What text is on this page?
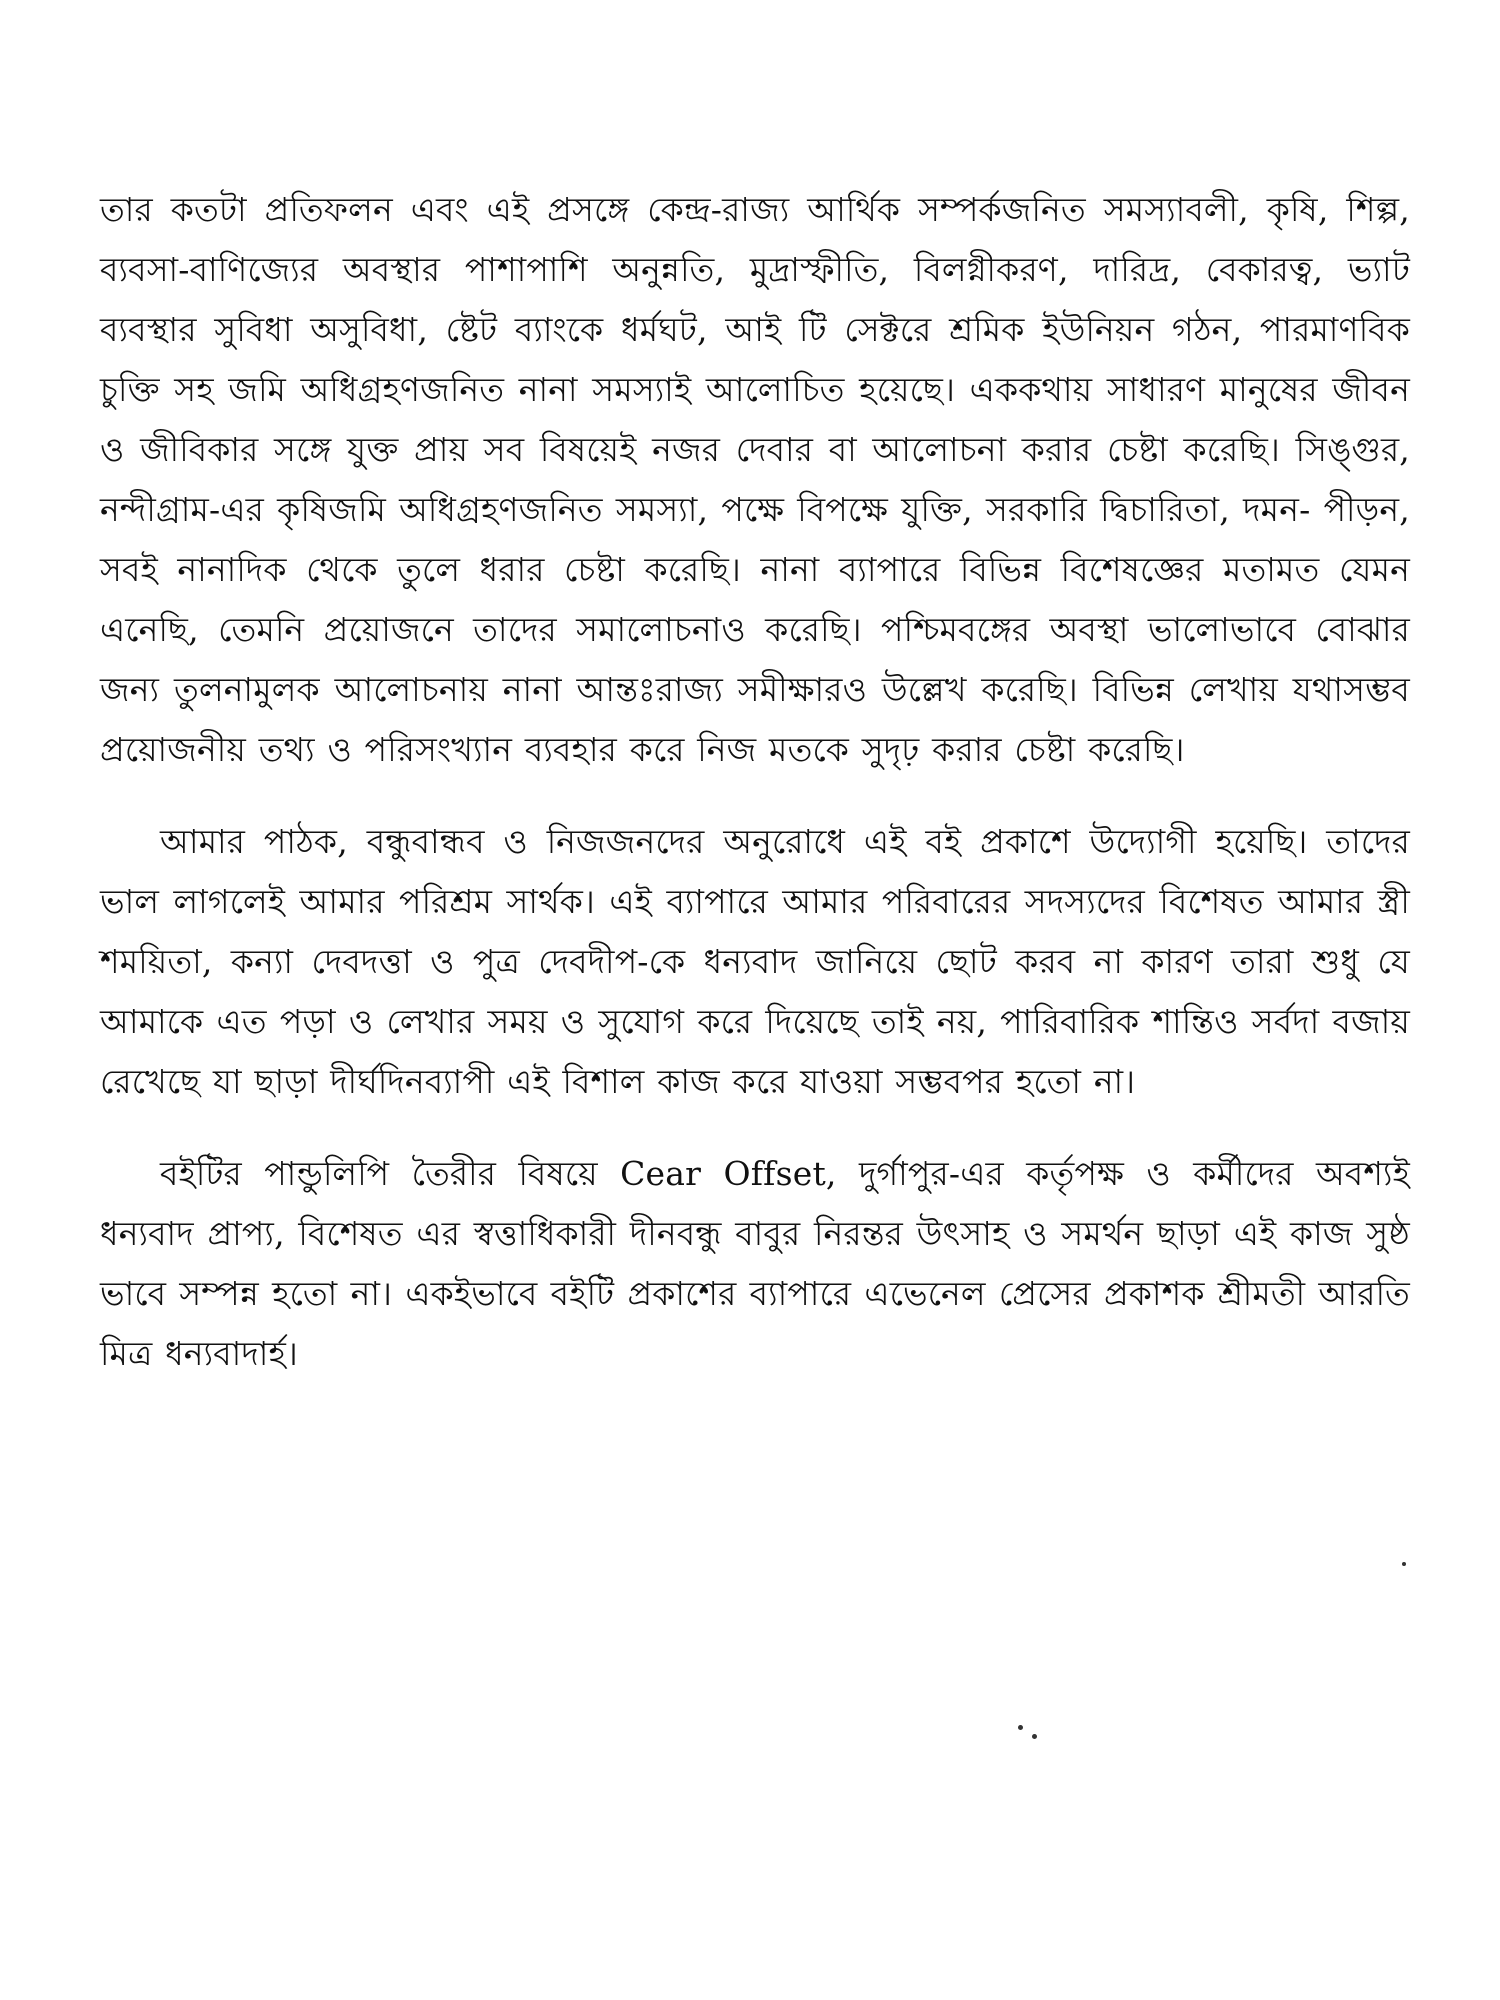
তার কতটা প্রতিফলন এবং এই প্রসঙ্গে কেন্দ্র-রাজ্য আর্থিক সম্পর্কজনিত সমস্যাবলী, কৃষি, শিল্প, ব্যবসা-বাণিজ্যের অবস্থার পাশাপাশি অনুন্নতি, মুদ্রাস্ফীতি, বিলগ্নীকরণ, দারিদ্র, বেকারত্ব, ভ্যাট ব্যবস্থার সুবিধা অসুবিধা, ষ্টেট ব্যাংকে ধর্মঘট, আই টি সেক্টরে শ্রমিক ইউনিয়ন গঠন, পারমাণবিক চুক্তি সহ জমি অধিগ্রহণজনিত নানা সমস্যাই আলোচিত হয়েছে। এককথায় সাধারণ মানুষের জীবন ও জীবিকার সঙ্গে যুক্ত প্রায় সব বিষয়েই নজর দেবার বা আলোচনা করার চেষ্টা করেছি। সিঙ্গুর, নন্দীগ্রাম-এর কৃষিজমি অধিগ্রহণজনিত সমস্যা, পক্ষে বিপক্ষে যুক্তি, সরকারি দ্বিচারিতা, দমন- পীড়ন, সবই নানাদিক থেকে তুলে ধরার চেষ্টা করেছি। নানা ব্যাপারে বিভিন্ন বিশেষজ্ঞের মতামত যেমন এনেছি, তেমনি প্রয়োজনে তাদের সমালোচনাও করেছি। পশ্চিমবঙ্গের অবস্থা ভালোভাবে বোঝার জন্য তুলনামুলক আলোচনায় নানা আন্তঃরাজ্য সমীক্ষারও উল্লেখ করেছি। বিভিন্ন লেখায় যথাসম্ভব প্রয়োজনীয় তথ্য ও পরিসংখ্যান ব্যবহার করে নিজ মতকে সুদৃঢ় করার চেষ্টা করেছি।

আমার পাঠক, বন্ধুবান্ধব ও নিজজনদের অনুরোধে এই বই প্রকাশে উদ্যোগী হয়েছি। তাদের ভাল লাগলেই আমার পরিশ্রম সার্থক। এই ব্যাপারে আমার পরিবারের সদস্যদের বিশেষত আমার স্ত্রী শময়িতা, কন্যা দেবদত্তা ও পুত্র দেবদীপ-কে ধন্যবাদ জানিয়ে ছোট করব না কারণ তারা শুধু যে আমাকে এত পড়া ও লেখার সময় ও সুযোগ করে দিয়েছে তাই নয়, পারিবারিক শান্তিও সর্বদা বজায় রেখেছে যা ছাড়া দীর্ঘদিনব্যাপী এই বিশাল কাজ করে যাওয়া সম্ভবপর হতো না।

বইটির পান্ডুলিপি তৈরীর বিষয়ে Cear Offset, দুর্গাপুর-এর কর্তৃপক্ষ ও কর্মীদের অবশ্যই ধন্যবাদ প্রাপ্য, বিশেষত এর স্বত্তাধিকারী দীনবন্ধু বাবুর নিরন্তর উৎসাহ ও সমর্থন ছাড়া এই কাজ সুষ্ঠ ভাবে সম্পন্ন হতো না। একইভাবে বইটি প্রকাশের ব্যাপারে এভেনেল প্রেসের প্রকাশক শ্রীমতী আরতি মিত্র ধন্যবাদার্হ।
